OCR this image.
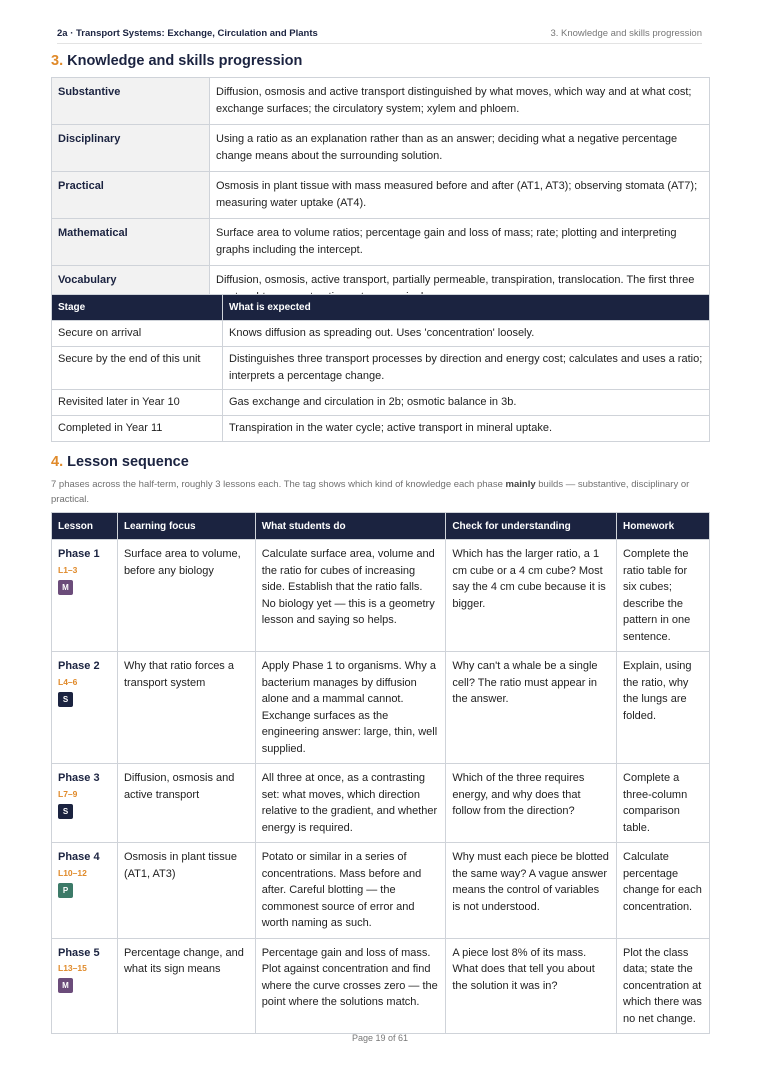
2a · Transport Systems: Exchange, Circulation and Plants	3. Knowledge and skills progression
3. Knowledge and skills progression
Substantive	Diffusion, osmosis and active transport distinguished by what moves, which way and at what cost; exchange surfaces; the circulatory system; xylem and phloem.
Disciplinary	Using a ratio as an explanation rather than as an answer; deciding what a negative percentage change means about the surrounding solution.
Practical	Osmosis in plant tissue with mass measured before and after (AT1, AT3); observing stomata (AT7); measuring water uptake (AT4).
Mathematical	Surface area to volume ratios; percentage gain and loss of mass; rate; plotting and interpreting graphs including the intercept.
Vocabulary	Diffusion, osmosis, active transport, partially permeable, transpiration, translocation. The first three
Stage	What is expected
Secure on arrival	Knows diffusion as spreading out. Uses 'concentration' loosely.
Secure by the end of this unit	Distinguishes three transport processes by direction and energy cost; calculates and uses a ratio; interprets a percentage change.
Revisited later in Year 10	Gas exchange and circulation in 2b; osmotic balance in 3b.
Completed in Year 11	Transpiration in the water cycle; active transport in mineral uptake.
4. Lesson sequence
7 phases across the half-term, roughly 3 lessons each. The tag shows which kind of knowledge each phase mainly builds — substantive, disciplinary or practical.
Lesson	Learning focus	What students do	Check for understanding	Homework

Phase 1
L1–3
M	Surface area to volume, before any biology	Calculate surface area, volume and the ratio for cubes of increasing side. Establish that the ratio falls. No biology yet — this is a geometry lesson and saying so helps.	Which has the larger ratio, a 1 cm cube or a 4 cm cube? Most say the 4 cm cube because it is bigger.	Complete the ratio table for six cubes; describe the pattern in one sentence.

Phase 2
L4–6
S	Why that ratio forces a transport system	Apply Phase 1 to organisms. Why a bacterium manages by diffusion alone and a mammal cannot. Exchange surfaces as the engineering answer: large, thin, well supplied.	Why can't a whale be a single cell? The ratio must appear in the answer.	Explain, using the ratio, why the lungs are folded.

Phase 3
L7–9
S	Diffusion, osmosis and active transport	All three at once, as a contrasting set: what moves, which direction relative to the gradient, and whether energy is required.	Which of the three requires energy, and why does that follow from the direction?	Complete a three-column comparison table.

Phase 4
L10–12
P	Osmosis in plant tissue (AT1, AT3)	Potato or similar in a series of concentrations. Mass before and after. Careful blotting — the commonest source of error and worth naming as such.	Why must each piece be blotted the same way? A vague answer means the control of variables is not understood.	Calculate percentage change for each concentration.

Phase 5
L13–15
M	Percentage change, and what its sign means	Percentage gain and loss of mass. Plot against concentration and find where the curve crosses zero — the point where the solutions match.	A piece lost 8% of its mass. What does that tell you about the solution it was in?	Plot the class data; state the concentration at which there was no net change.
Page 19 of 61
